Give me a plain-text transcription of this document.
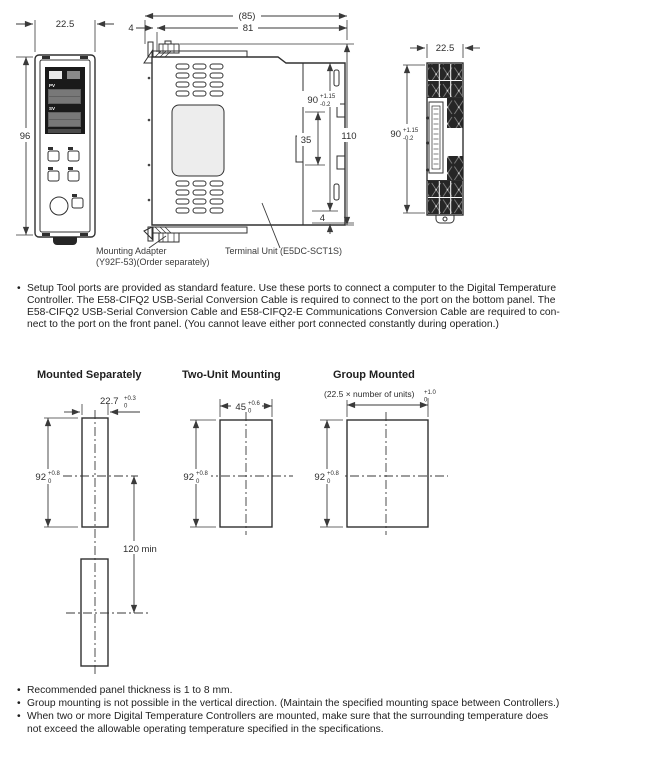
22.5
96
PV
SV
(85)
81
4
110
90 +1.15
-0.2
35
4
Mounting Adapter
(Y92F-53)(Order separately)
Terminal Unit (E5DC-SCT1S)
22.5
90 +1.15
-0.2
• Setup Tool ports are provided as standard feature. Use these ports to connect a computer to the Digital Temperature
Controller. The E58-CIFQ2 USB-Serial Conversion Cable is required to connect to the port on the bottom panel. The
E58-CIFQ2 USB-Serial Conversion Cable and E58-CIFQ2-E Communications Conversion Cable are required to con-
nect to the port on the front panel. (You cannot leave either port connected constantly during operation.)
Mounted Separately	Two-Unit Mounting	Group Mounted
22.7 +0.3
0
92 +0.8
0
120 min
45 +0.6
0
92 +0.8
0
(22.5 × number of units) +1.0
0
92 +0.8
0
• Recommended panel thickness is 1 to 8 mm.
• Group mounting is not possible in the vertical direction. (Maintain the specified mounting space between Controllers.)
• When two or more Digital Temperature Controllers are mounted, make sure that the surrounding temperature does
not exceed the allowable operating temperature specified in the specifications.
